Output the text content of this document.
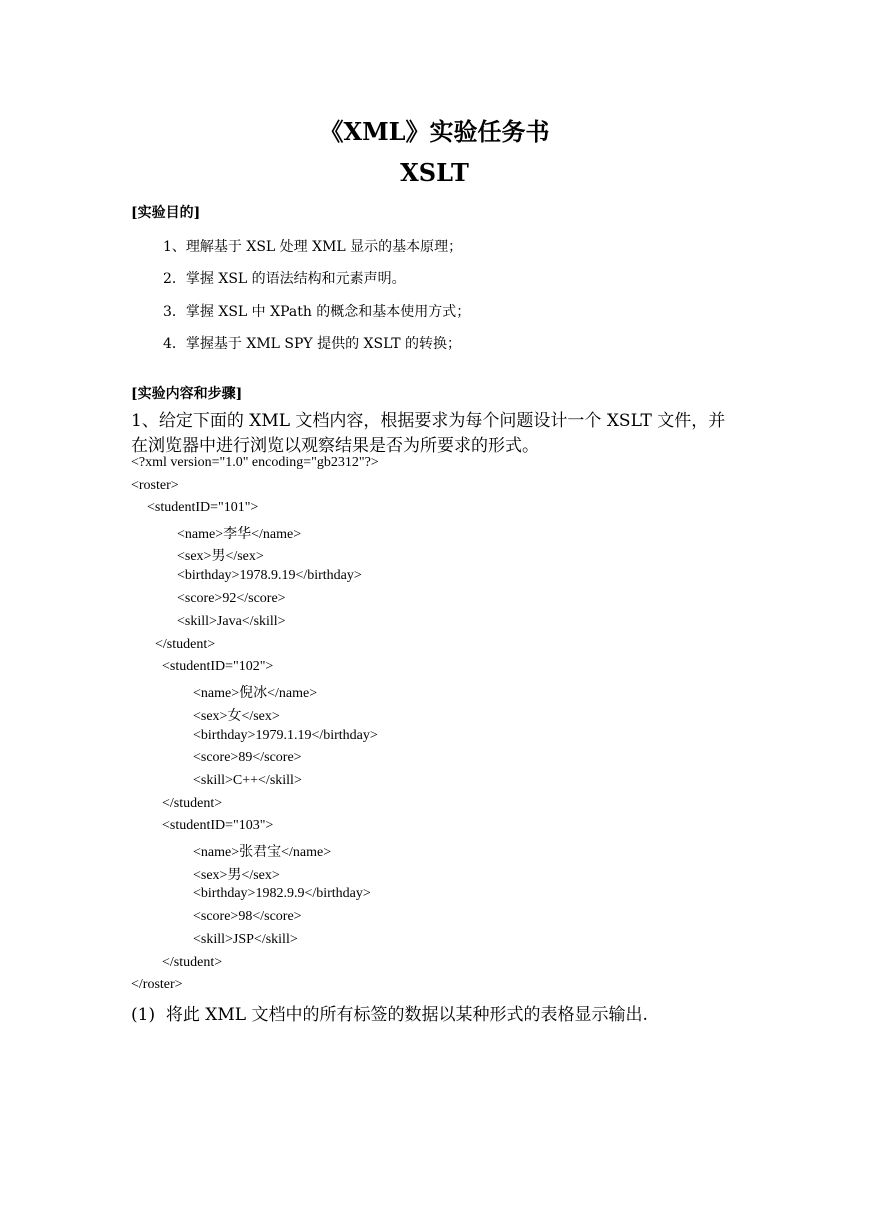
《XML》实验任务书
XSLT
[实验目的]
1、理解基于 XSL 处理 XML 显示的基本原理；
2．掌握 XSL 的语法结构和元素声明。
3．掌握 XSL 中 XPath 的概念和基本使用方式；
4．掌握基于 XML SPY 提供的 XSLT 的转换；
[实验内容和步骤]
1、给定下面的 XML 文档内容，根据要求为每个问题设计一个 XSLT 文件，并
在浏览器中进行浏览以观察结果是否为所要求的形式。
<?xml version="1.0" encoding="gb2312"?>
<roster>
<studentID="101">
<name>李华</name>
<sex>男</sex>
<birthday>1978.9.19</birthday>
<score>92</score>
<skill>Java</skill>
</student>
<studentID="102">
<name>倪冰</name>
<sex>女</sex>
<birthday>1979.1.19</birthday>
<score>89</score>
<skill>C++</skill>
</student>
<studentID="103">
<name>张君宝</name>
<sex>男</sex>
<birthday>1982.9.9</birthday>
<score>98</score>
<skill>JSP</skill>
</student>
</roster>
(1)  将此 XML 文档中的所有标签的数据以某种形式的表格显示输出.
